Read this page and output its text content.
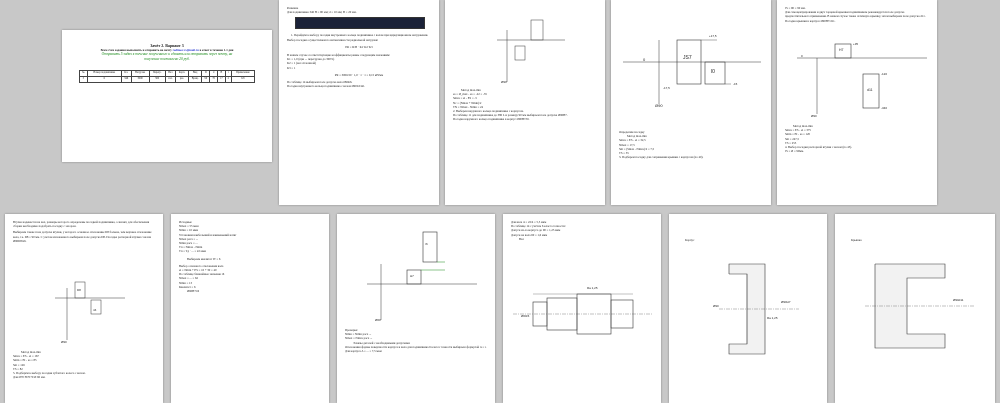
Зачёт 2. Вариант 3
Всем 2 им задания выполнить и отправить на почту rodimov.vs@mail.ru в ответ в течение 1-1 дня
Отправить 5 задач в течение полученного и сдавать или отправить через почту, на получение поставлено 20 руб.
№	Номер подшипника	Кл.	Нагрузка	Перегр.	Вал	Корп.	Вид	D	d	B	r	Примечание
3	6	346	3000	300	спл.	раз.	Вращ.	90	70	17	2	6.8
Решение
Для подшипника 346 Н = 90 мм; d = 10 мм; B = 20 мм.
1. Перейдём к выбору посадки внутреннего кольца подшипника с валом при циркуляционном нагружении.
Выбор посадки осуществляем по интенсивности радиальной нагрузки:
PR = R/B · K1·K2·K3
В нашем случае соответствующие коэффициенты равны следующим значениям:
K1 = 1,0 (при ... перегрузка до 300%)
K2 = 1 (вал сплошной)
K3 = 1
PR = 3000/20 · 1,0 · 1 · 1 = 0,15 кН/мм
По таблице 14 выбираем поле допуска вала Ø90n6.
Посадка внутреннего кольца подшипника с валом Ø90L0/n6.
Ø90
Метод max-min
es = Ø_max - es = -22 = -35
Smax = ei - ES = -5
Nc = (Nmax + Nmin)/2
TN = Nmax - Nmin = 24
2. Выберем наружного кольца подшипника с корпусом.
По таблице 11 для подшипника до 380 L и размеру 90 мм выбираем поле допуска Ø90H7.
Посадка наружного кольца подшипника в корпус Ø90H7/l0.
0
+17,5
JS7
l0
-17,5
-15
Ø90
Определим посадку
Метод max-min
Smax = ES - ei = 32,5
Nmax = 17,5
Sm = (Smax - Nmax)/2 = 7,5
TS = 35
3. Подберем посадку для сопряжения крышки с корпусом (по 40).
JS = 90 = 90 мм.
Для самоцентрирования и двух торцевой крышки подшипником рекомендуется поле допуска предпочтительного применения. В нашем случае также отличную крышку, затем выбираем поле допуска d11.
Посадка крышки в корпусе Ø90H7/d11.
0
+35
H7
-120
d11
-340
Ø90
Метод max-min
Smax = ES - ei = 375
Smin = EI - es = 120
Sm = 247,5
TS = 255
4. Выбор посадки распорной втулки с валом (по 45).
JS = Ø = 90мм.
Втулка надевается на вал, размеры которого определены посадкой подшипника, а значит, для обеспечения сборки необходимо подобрать посадку с зазором.
Выбираем также поле допуска втулки, у которого основное отклонение D8 больше, чем верхнее отклонение вала, т.е. D8 = 90 мм. С учетом изложенного выбираем поле допуска D8. Посадка распорной втулки с валом Ø90D8/n6.
D8
n6
Ø90
Метод max-min
Smax = ES - ei = 167
Smin = EI - es = 85
Sm = 126
TS = 82
5. Подберём к выбору посадки зубчатого колеса с валом.
Для Ø70 Н Н 70 Ø 60 мм.
Исходные
Nmax = 55 мкм
Nmin = 10 мкм
Установим наибольший и наименьший натяг
Nmax расч = ...
Nmin расч = ...
Tп = Nmax - Nmin
Tп = Tд · ... = 22 мкм
Выбираем квалитет IT = 6
Выбор основного отклонения вала
ei = Nmin + ES = 10 + 30 = 40
По таблице ближайшее значение r6
Nmax = ... = 62
Nmin = 13
Квалитет = 6
Ø60H7/r6
r6
H7
Ø60
Проверка:
Nmin = Nmin расч ...
Nmax = Nmax расч ...
Эскизы деталей с необходимыми допусками
Отклонения формы поверхности корпуса и вала для подшипника 6 класса точности выбираем формулой Δ = t.
Для корпуса Δ = ... = 7,5 мкм
Для вала Δ = 22/4 = 5,5 мкм
По таблице 14 с учётом 6 класса точности:
Допуск из-за корпуса до 90 = 1,25 мкм
Допуск на вала 60 = 1,6 мкм
Вал
Ø60r6
Ra 1,25
Корпус
Ø90
Ø90H7
Ra 1,25
Крышка
Ø90d11
